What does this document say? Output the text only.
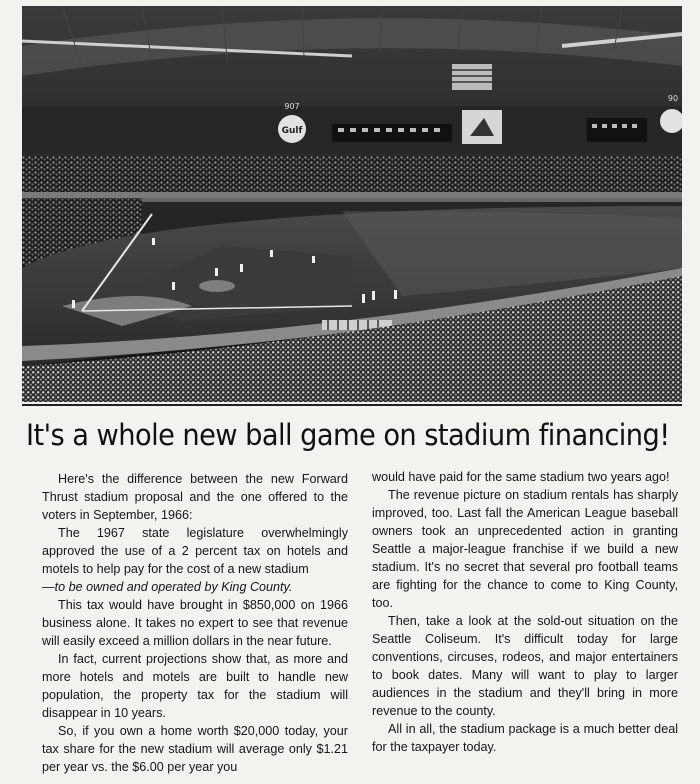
Gulf
907
90
It's a whole new ball game on stadium financing!

Here's the difference between the new Forward Thrust stadium proposal and the one offered to the voters in September, 1966:

The 1967 state legislature overwhelmingly approved the use of a 2 percent tax on hotels and motels to help pay for the cost of a new stadium
—to be owned and operated by King County.

This tax would have brought in $850,000 on 1966 business alone. It takes no expert to see that revenue will easily exceed a million dollars in the near future.

In fact, current projections show that, as more and more hotels and motels are built to handle new population, the property tax for the stadium will disappear in 10 years.

So, if you own a home worth $20,000 today, your tax share for the new stadium will average only $1.21 per year vs. the $6.00 per year you

would have paid for the same stadium two years ago!

The revenue picture on stadium rentals has sharply improved, too. Last fall the American League baseball owners took an unprecedented action in granting Seattle a major-league franchise if we build a new stadium. It's no secret that several pro football teams are fighting for the chance to come to King County, too.

Then, take a look at the sold-out situation on the Seattle Coliseum. It's difficult today for large conventions, circuses, rodeos, and major entertainers to book dates. Many will want to play to larger audiences in the stadium and they'll bring in more revenue to the county.

All in all, the stadium package is a much better deal for the taxpayer today.
